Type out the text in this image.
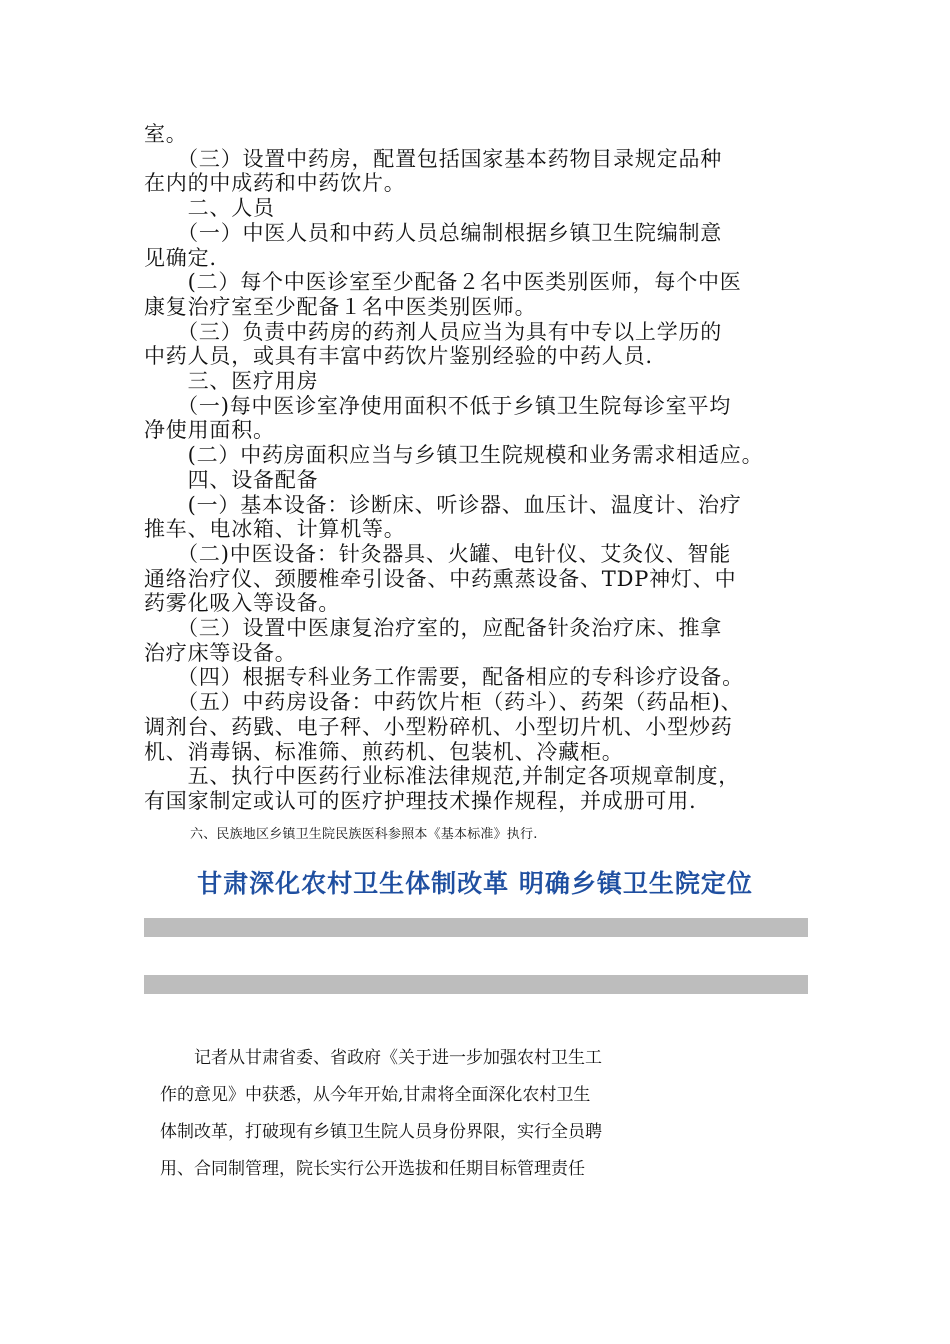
室。

　　（三）设置中药房，配置包括国家基本药物目录规定品种

在内的中成药和中药饮片。

　　二、人员

　　（一）中医人员和中药人员总编制根据乡镇卫生院编制意

见确定.

　　(二）每个中医诊室至少配备２名中医类别医师，每个中医

康复治疗室至少配备１名中医类别医师。

　　（三）负责中药房的药剂人员应当为具有中专以上学历的

中药人员，或具有丰富中药饮片鉴别经验的中药人员.

　　三、医疗用房

　　（一)每中医诊室净使用面积不低于乡镇卫生院每诊室平均

净使用面积。

　　(二）中药房面积应当与乡镇卫生院规模和业务需求相适应。

　　四、设备配备

　　(一）基本设备：诊断床、听诊器、血压计、温度计、治疗

推车、电冰箱、计算机等。

　　（二)中医设备：针灸器具、火罐、电针仪、艾灸仪、智能

通络治疗仪、颈腰椎牵引设备、中药熏蒸设备、TDP神灯、中

药雾化吸入等设备。

　　（三）设置中医康复治疗室的，应配备针灸治疗床、推拿

治疗床等设备。

　　（四）根据专科业务工作需要，配备相应的专科诊疗设备。

　　（五）中药房设备：中药饮片柜（药斗）、药架（药品柜)、

调剂台、药戥、电子秤、小型粉碎机、小型切片机、小型炒药

机、消毒锅、标准筛、煎药机、包装机、冷藏柜。

　　五、执行中医药行业标准法律规范,并制定各项规章制度，

有国家制定或认可的医疗护理技术操作规程，并成册可用.

六、民族地区乡镇卫生院民族医科参照本《基本标准》执行.
甘肃深化农村卫生体制改革 明确乡镇卫生院定位

　　记者从甘肃省委、省政府《关于进一步加强农村卫生工

作的意见》中获悉，从今年开始,甘肃将全面深化农村卫生

体制改革，打破现有乡镇卫生院人员身份界限，实行全员聘

用、合同制管理，院长实行公开选拔和任期目标管理责任
